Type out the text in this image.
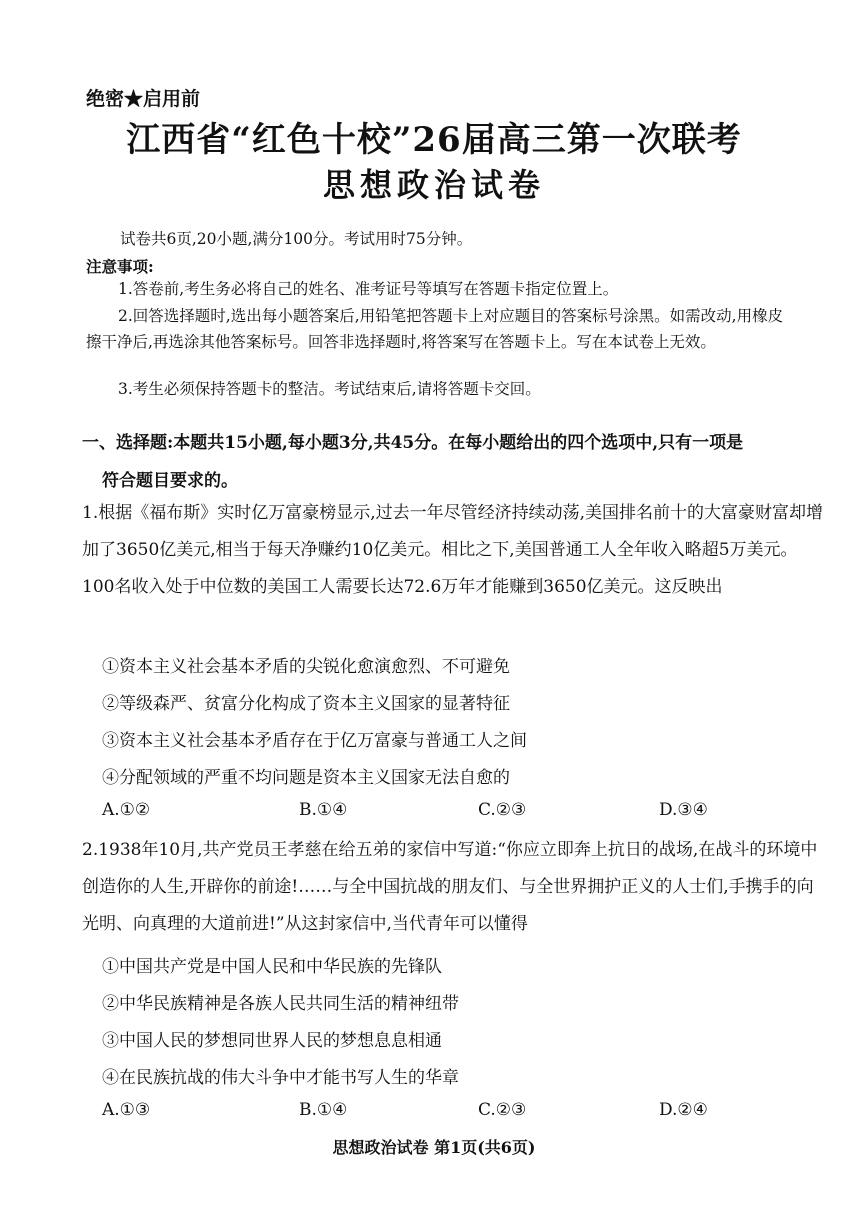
绝密★启用前
江西省“红色十校”26届高三第一次联考
思想政治试卷
试卷共6页,20小题,满分100分。考试用时75分钟。
注意事项:
1.答卷前,考生务必将自己的姓名、准考证号等填写在答题卡指定位置上。
2.回答选择题时,选出每小题答案后,用铅笔把答题卡上对应题目的答案标号涂黑。如需改动,用橡皮擦干净后,再选涂其他答案标号。回答非选择题时,将答案写在答题卡上。写在本试卷上无效。
3.考生必须保持答题卡的整洁。考试结束后,请将答题卡交回。
一、选择题:本题共15小题,每小题3分,共45分。在每小题给出的四个选项中,只有一项是
符合题目要求的。
1.根据《福布斯》实时亿万富豪榜显示,过去一年尽管经济持续动荡,美国排名前十的大富豪财富却增加了3650亿美元,相当于每天净赚约10亿美元。相比之下,美国普通工人全年收入略超5万美元。100名收入处于中位数的美国工人需要长达72.6万年才能赚到3650亿美元。这反映出
①资本主义社会基本矛盾的尖锐化愈演愈烈、不可避免
②等级森严、贫富分化构成了资本主义国家的显著特征
③资本主义社会基本矛盾存在于亿万富豪与普通工人之间
④分配领域的严重不均问题是资本主义国家无法自愈的
A.①②	B.①④	C.②③	D.③④
2.1938年10月,共产党员王孝慈在给五弟的家信中写道:“你应立即奔上抗日的战场,在战斗的环境中创造你的人生,开辟你的前途!……与全中国抗战的朋友们、与全世界拥护正义的人士们,手携手的向光明、向真理的大道前进!”从这封家信中,当代青年可以懂得
①中国共产党是中国人民和中华民族的先锋队
②中华民族精神是各族人民共同生活的精神纽带
③中国人民的梦想同世界人民的梦想息息相通
④在民族抗战的伟大斗争中才能书写人生的华章
A.①③	B.①④	C.②③	D.②④
思想政治试卷 第1页(共6页)
